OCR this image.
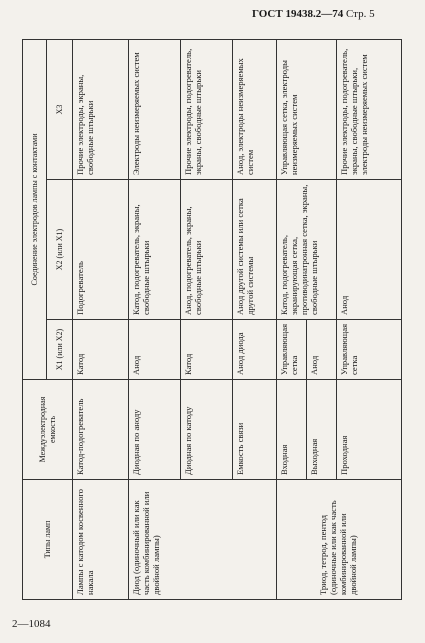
ГОСТ 19438.2—74 Стр. 5
Типы ламп	Междуэлектродная емкость	Соединение электродов лампы с контактами		
		X1 (или X2)	X2 (или X1)	X3
Лампы с катодом косвенного накала	Катод-подогреватель	Катод	Подогреватель	Прочие электроды, экраны, свободные штырьки
Диод (одиночный или как часть комбинированной или двойной лампы)	Диодная по аноду	Анод	Катод, подогреватель, экраны, свободные штырьки	Электроды неизмеряемых систем
	Диодная по катоду	Катод	Анод, подогреватель, экраны, свободные штырьки	Прочие электроды, подогреватель, экраны, свободные штырьки
	Емкость связи	Анод диода	Анод другой системы или сетка другой системы	Анод, электроды неизмеряемых систем
Триод, тетрод, пентод (одиночные или как часть комбинированной или двойной лампы)	Входная	Управляющая сетка	Катод, подогреватель, экранирующая сетка, противодинатронная сетка, экраны, свободные штырьки	Управляющая сетка, электроды неизмеряемых систем
	Выходная	Анод		
	Проходная	Управляющая сетка	Анод	Прочие электроды, подогреватель, экраны, свободные штырьки, электроды неизмеряемых систем
2—1084
